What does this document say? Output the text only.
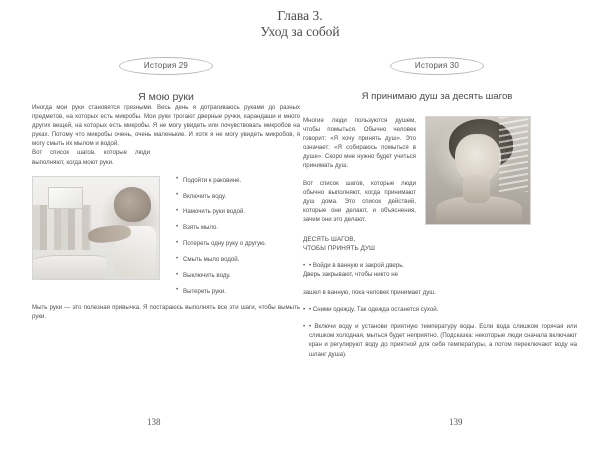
Глава 3.
Уход за собой
История 29
Я мою руки

Иногда мои руки становятся грязными. Весь день я дотрагиваюсь руками до разных предметов, на которых есть микробы. Мои руки трогают дверные ручки, карандаши и много других вещей, на которых есть микробы. Я не могу увидеть или почувствовать микробов на руках. Потому что микробы очень, очень маленькие. И хотя я не могу увидеть микробов, я могу смыть их мылом и водой.

Вот список шагов, которые люди выполняют, когда моют руки.

• Подойти к раковине.
• Включить воду.
• Намочить руки водой.
• Взять мыло.
• Потереть одну руку о другую.
• Смыть мыло водой.
• Выключить воду.
• Вытереть руки.

Мыть руки — это полезная привычка. Я постараюсь выполнять все эти шаги, чтобы вымыть руки.

История 30
Я принимаю душ за десять шагов

Многие люди пользуются душем, чтобы помыться. Обычно человек говорит: «Я хочу принять душ». Это означает: «Я собираюсь помыться в душе». Скоро мне нужно будет учиться принимать душ.

Вот список шагов, которые люди обычно выполняют, когда принимают душ дома. Это список действий, которые они делают, и объяснения, зачем они это делают.

ДЕСЯТЬ ШАГОВ,
ЧТОБЫ ПРИНЯТЬ ДУШ
• • Войди в ванную и закрой дверь.
Дверь закрывают, чтобы никто не
зашел в ванную, пока человек принимает душ.
• • Сними одежду. Так одежда останется сухой.
• • Включи воду и установи приятную температуру воды. Если вода слишком горячая или слишком холодная, мыться будет неприятно. (Подсказка: некоторые люди сначала включают кран и регулируют воду до приятной для себя температуры, а потом переключают воду на шланг душа).
138	139
